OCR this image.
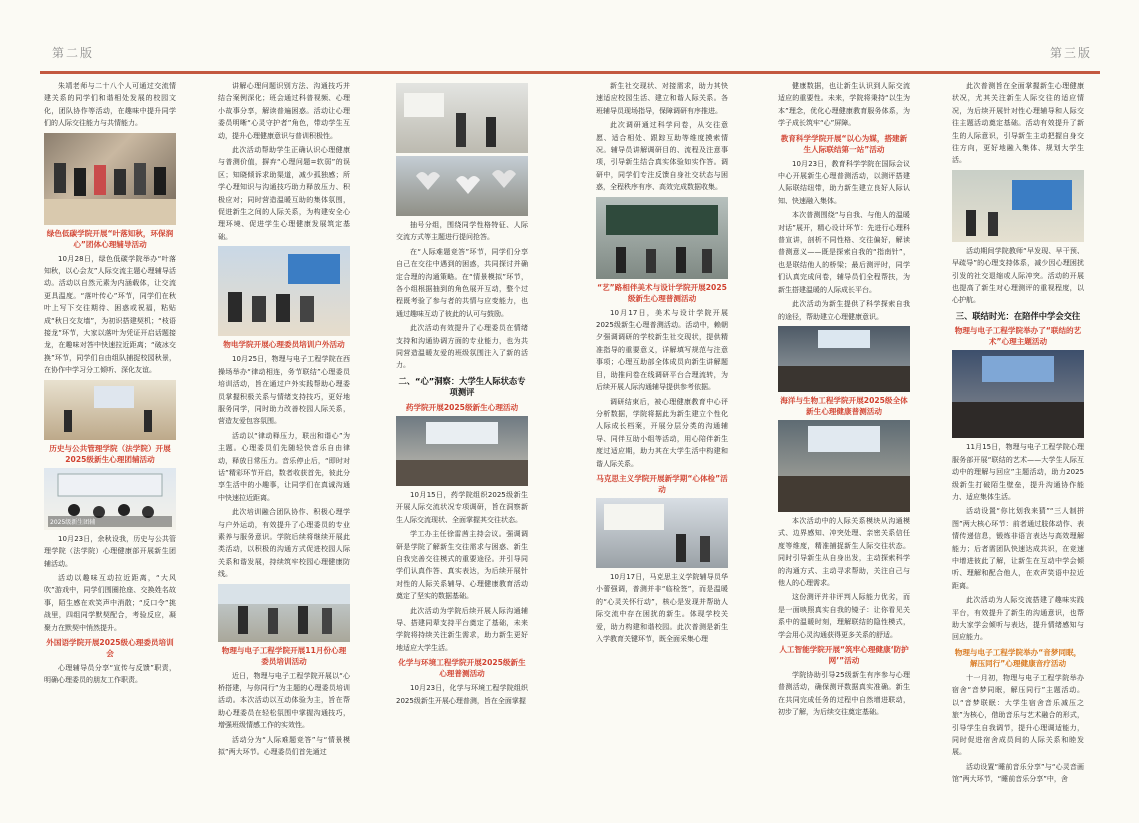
第二版

朱靖老师与二十八个人可通过交流情建关系的同学们和谐相处发展的校园文化，团队协作等活动，在趣味中提升同学们的人际交往能力与共情能力。

绿色低碳学院开展“叶落知秋，环保润心”团体心理辅导活动

10月28日，绿色低碳学院举办“叶落知秋，以心会友”人际交流主题心理辅导活动。活动以自然元素为内涵载体，让交流更具温度。“落叶传心”环节，同学们在秋叶上写下交往期待、困惑或祝福，粘贴成“秋日交友墙”，为初识搭建契机；“枝语接龙”环节，大家以落叶为凭证开启话题接龙，在趣味对答中快速拉近距离；“破冰交换”环节，同学们自由组队捕捉校园秋景，在协作中学习分工倾听、深化友谊。

历史与公共管理学院（法学院）开展2025级新生心理团辅活动
2025级新生团辅

10月23日，余秋设我，历史与公共管理学院（法学院）心理健康部开展新生团辅活动。

活动以趣味互动拉近距离，“大风吹”游戏中，同学们围圈抢座、交换姓名故事，陌生感在欢笑声中消散；“反口令”挑战里，四组同学默契配合，考验反应，凝聚力在默契中悄然提升。

外国语学院开展2025级心理委员培训会

心理辅导员分享“宣传与反馈”职责，明确心理委员的朋友工作职责。

讲解心理问题识别方法、沟通技巧并结合案例深化；班会通过科普视频、心理小故事分享，解读普遍困惑。活动让心理委员明晰“心灵守护者”角色，带动学生互动，提升心理健康意识与普训积极性。

此次活动帮助学生正确认识心理健康与普测价值，摒弃“心理问题=软弱”的误区；知晓倾诉求助渠道，减少孤独感；所学心理知识与沟通技巧助力释放压力、积极应对；同时营造温暖互助的集体氛围，促进新生之间的人际关系，为构建安全心理环境、促进学生心理健康发展筑定基础。

物电学院开展心理委员培训户外活动

10月25日，物理与电子工程学院在西操场举办“律动相连，务节联结”心理委员培训活动，旨在通过户外实践帮助心理委员掌握积极关系与情绪支持技巧，更好地服务同学，同时助力改善校园人际关系，营造友爱包容氛围。

活动以“律动释压力，联出和谐心”为主题。心理委员们先随轻快音乐自由律动，释放日常压力。音乐停止后，“即时对话”精彩环节开启，数者收获首先，彼此分享生活中的小趣事，让同学们在真诚沟通中快速拉近距离。

此次培训融合团队协作、积极心理学与户外运动，有效提升了心理委员的专业素养与服务意识。学院后续将继续开展此类活动，以积极的沟通方式促进校园人际关系和谐发展，持续筑牢校园心理健康防线。

物理与电子工程学院开展11月份心理委员培训活动

近日，物理与电子工程学院开展以“心桥搭建，与你同行”为主题的心理委员培训活动。本次活动以互动体验为主，旨在帮助心理委员在轻松氛围中掌握沟通技巧，增强班级情感工作的实效性。

活动分为“人际难题竞答”与“情景模拟”两大环节。心理委员们首先通过

抽号分组，围绕同学性格特征、人际交流方式等主题进行提问抢答。

在“人际难题竞答”环节，同学们分享自己在交往中遇到的困惑，共同探讨并确定合理的沟通策略。在“情景模拟”环节，各小组根据抽到的角色展开互动，整个过程既考验了参与者的共情与应变能力，也通过趣味互动了彼此的认可与鼓励。

此次活动有效提升了心理委员在情绪支持和沟通协调方面的专业能力，也为共同营造温暖友爱的班级氛围注入了新的活力。

二、“心”洞察：大学生人际状态专项测评
药学院开展2025级新生心理活动

10月15日，药学院组织2025级新生开展人际交流状况专项调研，旨在洞察新生人际交流现状、全面掌握其交往状态。

学工办主任徐雷茜主持会议。强调调研是学院了解新生交往需求与困惑、新生自我完善交往模式的重要途径。并引导同学们认真作答、真实表达，为后续开展针对性的人际关系辅导、心理健康教育活动奠定了坚实的数据基础。

此次活动为学院后续开展人际沟通辅导、搭建同辈支持平台奠定了基础，未来学院将持续关注新生需求，助力新生更好地适应大学生活。

化学与环境工程学院开展2025级新生心理普测活动

10月23日，化学与环境工程学院组织2025级新生开展心理普测，旨在全面掌握

第三版

新生社交现状、对接需求，助力其快速适应校园生活、建立和谐人际关系。各班辅导员现场指导，保障调研有序推进。

此次调研通过科学问卷，从交往意愿、适合相处、跟踪互助等维度摸索情况。辅导员讲解调研目的、流程及注意事项，引导新生结合真实体验如实作答。调研中，同学们专注反馈自身社交状态与困惑，全程秩序有序、高效完成数据收集。

“艺”路相伴美术与设计学院开展2025级新生心理普测活动

10月17日，美术与设计学院开展2025级新生心理普测活动。活动中，赖朝夕强调调研的学校新生社交现状，提供精准指导的重要意义，详解填写规范与注意事项；心理互助部全体成员向新生讲解题目，助推问卷在线调研平台合理流转，为后续开展人际沟通辅导提供参考依据。

调研结束后，被心理健康教育中心评分析数据，学院将据此为新生建立个性化人际成长档案，开展分层分类的沟通辅导、同伴互助小组等活动，用心陪伴新生度过适应期，助力其在大学生活中构建和谐人际关系。

马克思主义学院开展新学期“心体检”活动

10月17日，马克思主义学院辅导员华小蕾强调，普测并非“临检签”，而是温暖的“心灵关怀行动”，核心是发现并帮助人际交流中存在困扰的新生。体现学校关爱，助力构建和谐校园。此次普测是新生入学教育关键环节，既全面采集心理

健康数据，也让新生认识到人际交流适应的重要性。未来，学院将秉持“以生为本”理念，优化心理健康教育服务体系，为学子成长筑牢“心”屏障。

教育科学学院开展“以心为媒，搭建新生人际联结第一站”活动

10月23日，教育科学学院在国际会议中心开展新生心理普测活动，以测评搭建人际联结纽带，助力新生建立良好人际认知、快速融入集体。

本次普测围绕“与自我、与他人的温暖对话”展开，精心设计环节：先进行心理科普宣讲，剖析不同性格、交往偏好，解读普测意义——既是探索自我的“指南针”，也是联结他人的桥梁；最后测评时，同学们认真完成问卷，辅导员们全程帮扶，为新生搭建温暖的人际成长平台。

此次活动为新生提供了科学探索自我的途径，帮助建立心理健康意识。

海洋与生物工程学院开展2025级全体新生心理健康普测活动

本次活动中的人际关系模块从沟通模式、边界感知、冲突处理、亲密关系信任度等维度，精准捕捉新生人际交往状态。同时引导新生从自身出发，主动探索科学的沟通方式、主动寻求帮助，关注自己与他人的心理需求。

这份测评并非评判人际能力优劣，而是一面映照真实自我的镜子：让你看见关系中的温暖时刻，理解联结的隐性模式，学会用心灵沟通获得更多关系的舒适。

人工智能学院开展“筑牢心理健康‘防护网’”活动

学院协助引导25级新生有序参与心理普测活动，确保测评数据真实准确。新生在共同完成任务的过程中自然增进联动，初步了解，为后续交往奠定基础。

此次普测旨在全面掌握新生心理健康状况，尤其关注新生人际交往的适应情况，为后续开展针对性心理辅导和人际交往主题活动奠定基础。活动有效提升了新生的人际意识，引导新生主动把握自身交往方向，更好地融入集体、规划大学生活。

活动期间学院教师“早发现、早干预、早疏导”的心理支持体系，减少因心理困扰引发的社交退缩或人际冲突。活动的开展也提高了新生对心理测评的重视程度，以心护航。

三、联结时光：在陪伴中学会交往
物理与电子工程学院举办了“联结的艺术”心理主题活动

11月15日，物理与电子工程学院心理服务部开展“联结的艺术——大学生人际互动中的理解与回应”主题活动，助力2025级新生打破陌生壁垒，提升沟通协作能力、适应集体生活。

活动设置“你比划我来猜”“三人制拼图”两大核心环节：前者通过肢体动作、表情传递信息，锻炼非语言表达与高效理解能力；后者需团队快速达成共识，在竞速中增进彼此了解，让新生在互动中学会倾听、理解和配合他人，在欢声笑语中拉近距离。

此次活动为人际交流搭建了趣味实践平台，有效提升了新生的沟通意识，也帮助大家学会倾听与表达，提升情绪感知与回应能力。

物理与电子工程学院举办“音梦同眠，解压同行”心理健康音疗活动

十一月初，物理与电子工程学院举办宿舍“音梦同眠，解压同行”主题活动。以“音梦联眠：大学生宿舍音乐减压之旅”为核心，借助音乐与艺术融合的形式，引导学生自我调节，提升心理调适能力，同时促进宿舍成员间的人际关系和睦发展。

活动设置“睡前音乐分享”与“心灵音画馆”两大环节，“睡前音乐分享”中，舍
